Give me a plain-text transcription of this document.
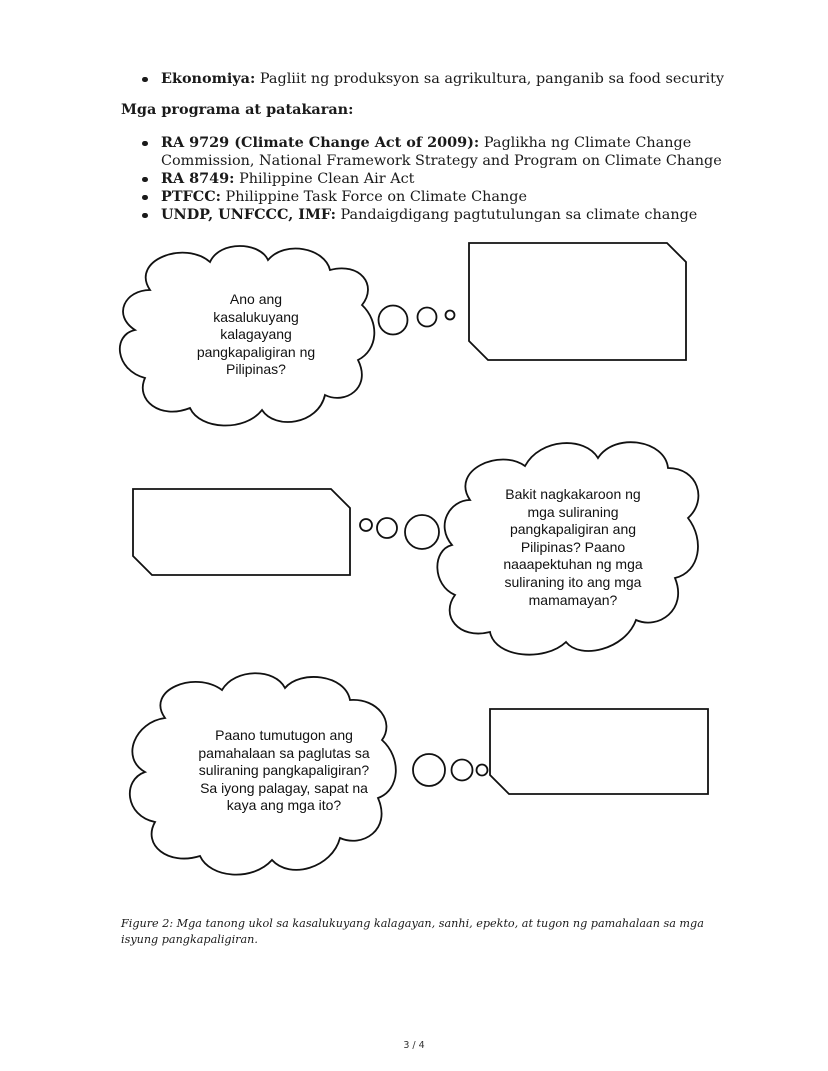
Ekonomiya: Pagliit ng produksyon sa agrikultura, panganib sa food security

Mga programa at patakaran:

RA 9729 (Climate Change Act of 2009): Paglikha ng Climate Change Commission, National Framework Strategy and Program on Climate Change
RA 8749: Philippine Clean Air Act
PTFCC: Philippine Task Force on Climate Change
UNDP, UNFCCC, IMF: Pandaigdigang pagtutulungan sa climate change
Ano ang kasalukuyang kalagayang pangkapaligiran ng Pilipinas?
Bakit nagkakaroon ng mga suliraning pangkapaligiran ang Pilipinas? Paano naaapektuhan ng mga suliraning ito ang mga mamamayan?
Paano tumutugon ang pamahalaan sa paglutas sa suliraning pangkapaligiran? Sa iyong palagay, sapat na kaya ang mga ito?

Figure 2: Mga tanong ukol sa kasalukuyang kalagayan, sanhi, epekto, at tugon ng pamahalaan sa mga isyung pangkapaligiran.

3 / 4
